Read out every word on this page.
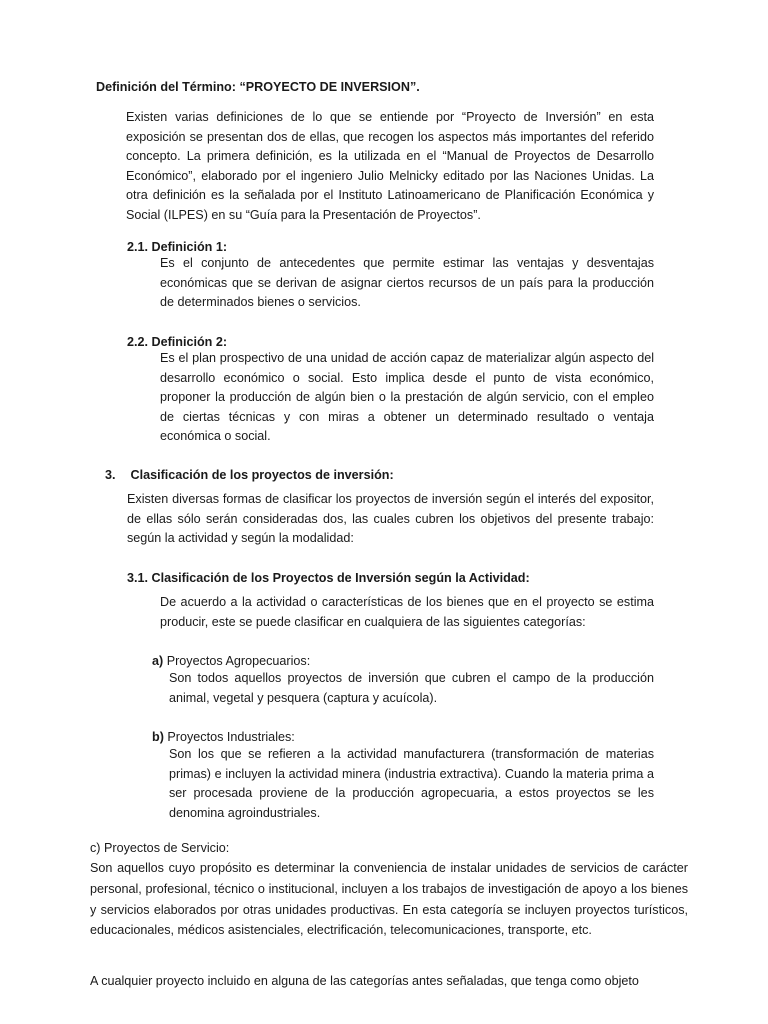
Definición del Término: “PROYECTO DE INVERSION”.

Existen varias definiciones de lo que se entiende por “Proyecto de Inversión” en esta exposición se presentan dos de ellas, que recogen los aspectos más importantes del referido concepto. La primera definición, es la utilizada en el “Manual de Proyectos de Desarrollo Económico”, elaborado por el ingeniero Julio Melnicky editado por las Naciones Unidas. La otra definición es la señalada por el Instituto Latinoamericano de Planificación Económica y Social (ILPES) en su “Guía para la Presentación de Proyectos”.

2.1. Definición 1:

Es el conjunto de antecedentes que permite estimar las ventajas y desventajas económicas que se derivan de asignar ciertos recursos de un país para la producción de determinados bienes o servicios.

2.2. Definición 2:

Es el plan prospectivo de una unidad de acción capaz de materializar algún aspecto del desarrollo económico o social. Esto implica desde el punto de vista económico, proponer la producción de algún bien o la prestación de algún servicio, con el empleo de ciertas técnicas y con miras a obtener un determinado resultado o ventaja económica o social.

3. Clasificación de los proyectos de inversión:

Existen diversas formas de clasificar los proyectos de inversión según el interés del expositor, de ellas sólo serán consideradas dos, las cuales cubren los objetivos del presente trabajo: según la actividad y según la modalidad:

3.1. Clasificación de los Proyectos de Inversión según la Actividad:

De acuerdo a la actividad o características de los bienes que en el proyecto se estima producir, este se puede clasificar en cualquiera de las siguientes categorías:

a) Proyectos Agropecuarios:

Son todos aquellos proyectos de inversión que cubren el campo de la producción animal, vegetal y pesquera (captura y acuícola).

b) Proyectos Industriales:

Son los que se refieren a la actividad manufacturera (transformación de materias primas) e incluyen la actividad minera (industria extractiva). Cuando la materia prima a ser procesada proviene de la producción agropecuaria, a estos proyectos se les denomina agroindustriales.

c) Proyectos de Servicio:

Son aquellos cuyo propósito es determinar la conveniencia de instalar unidades de servicios de carácter personal, profesional, técnico o institucional, incluyen a los trabajos de investigación de apoyo a los bienes y servicios elaborados por otras unidades productivas. En esta categoría se incluyen proyectos turísticos, educacionales, médicos asistenciales, electrificación, telecomunicaciones, transporte, etc.

A cualquier proyecto incluido en alguna de las categorías antes señaladas, que tenga como objeto
